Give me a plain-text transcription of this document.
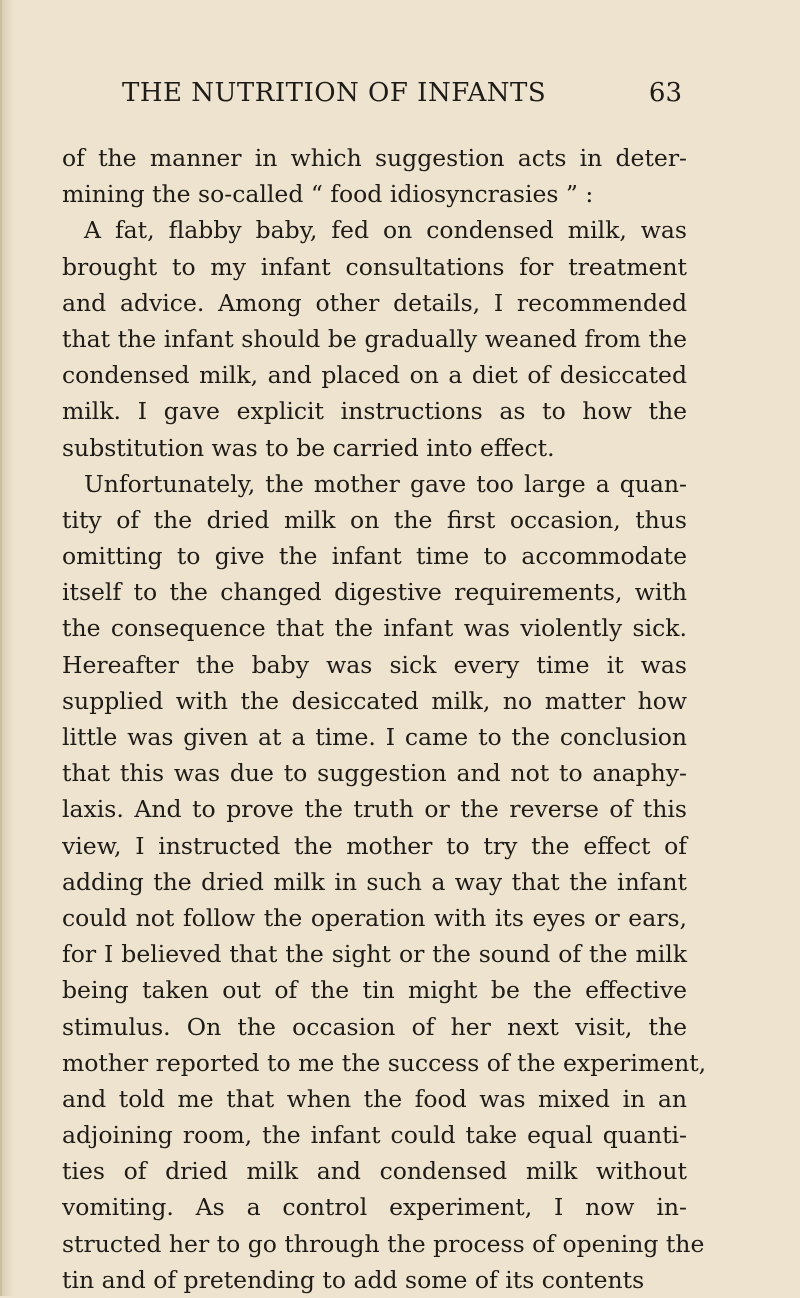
THE NUTRITION OF INFANTS	63
of the manner in which suggestion acts in deter-
mining the so-called “ food idiosyncrasies ” :
A fat, flabby baby, fed on condensed milk, was
brought to my infant consultations for treatment
and advice. Among other details, I recommended
that the infant should be gradually weaned from the
condensed milk, and placed on a diet of desiccated
milk. I gave explicit instructions as to how the
substitution was to be carried into effect.
Unfortunately, the mother gave too large a quan-
tity of the dried milk on the first occasion, thus
omitting to give the infant time to accommodate
itself to the changed digestive requirements, with
the consequence that the infant was violently sick.
Hereafter the baby was sick every time it was
supplied with the desiccated milk, no matter how
little was given at a time. I came to the conclusion
that this was due to suggestion and not to anaphy-
laxis. And to prove the truth or the reverse of this
view, I instructed the mother to try the effect of
adding the dried milk in such a way that the infant
could not follow the operation with its eyes or ears,
for I believed that the sight or the sound of the milk
being taken out of the tin might be the effective
stimulus. On the occasion of her next visit, the
mother reported to me the success of the experiment,
and told me that when the food was mixed in an
adjoining room, the infant could take equal quanti-
ties of dried milk and condensed milk without
vomiting. As a control experiment, I now in-
structed her to go through the process of opening the
tin and of pretending to add some of its contents
